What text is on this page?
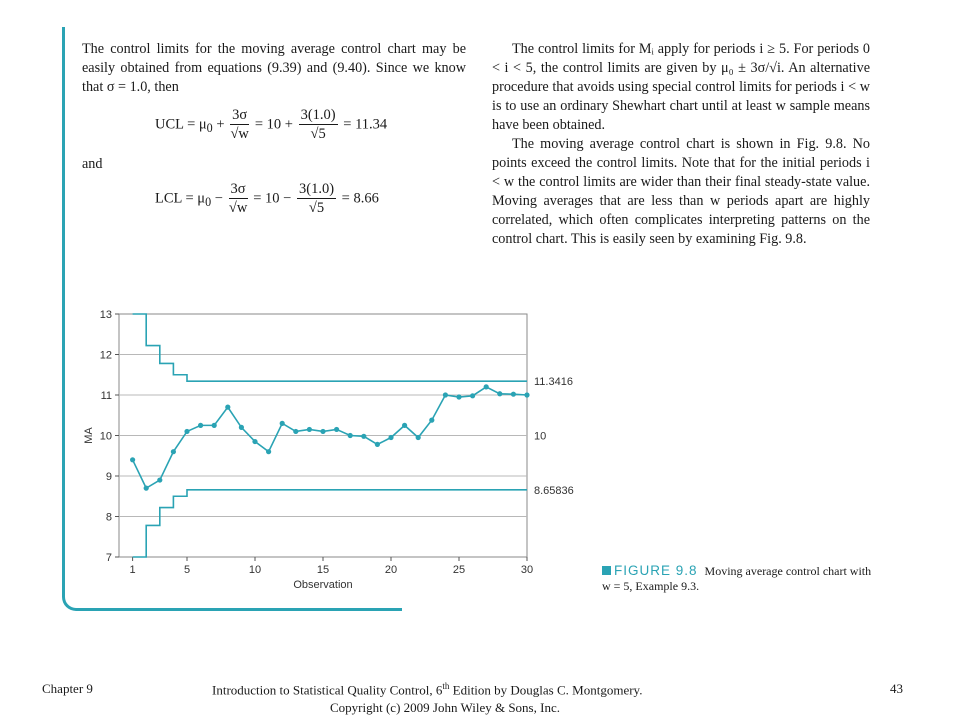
The control limits for the moving average control chart may be easily obtained from equations (9.39) and (9.40). Since we know that σ = 1.0, then
UCL = $\mu_0 + \frac{3\sigma}{√w} = 10 + \frac{3(1.0)}{√5} = 11.34$
and
LCL = $\mu_0 - \frac{3\sigma}{√w} = 10 - \frac{3(1.0)}{√5} = 8.66$

The control limits for Mᵢ apply for periods i ≥ 5. For periods 0 < i < 5, the control limits are given by μ₀ ± 3σ/√i. An alternative procedure that avoids using special control limits for periods i < w is to use an ordinary Shewhart chart until at least w sample means have been obtained.

The moving average control chart is shown in Fig. 9.8. No points exceed the control limits. Note that for the initial periods i < w the control limits are wider than their final steady-state value. Moving averages that are less than w periods apart are highly correlated, which often complicates interpreting patterns on the control chart. This is easily seen by examining Fig. 9.8.

7
8
9
10
11
12
13
1	5	10	15	20	25	30
Observation
MA
11.3416
10
8.65836
FIGURE 9.8 Moving average control chart with w = 5, Example 9.3.
Chapter 9	Introduction to Statistical Quality Control, 6th Edition by Douglas C. Montgomery.
Copyright (c) 2009 John Wiley & Sons, Inc.
43
